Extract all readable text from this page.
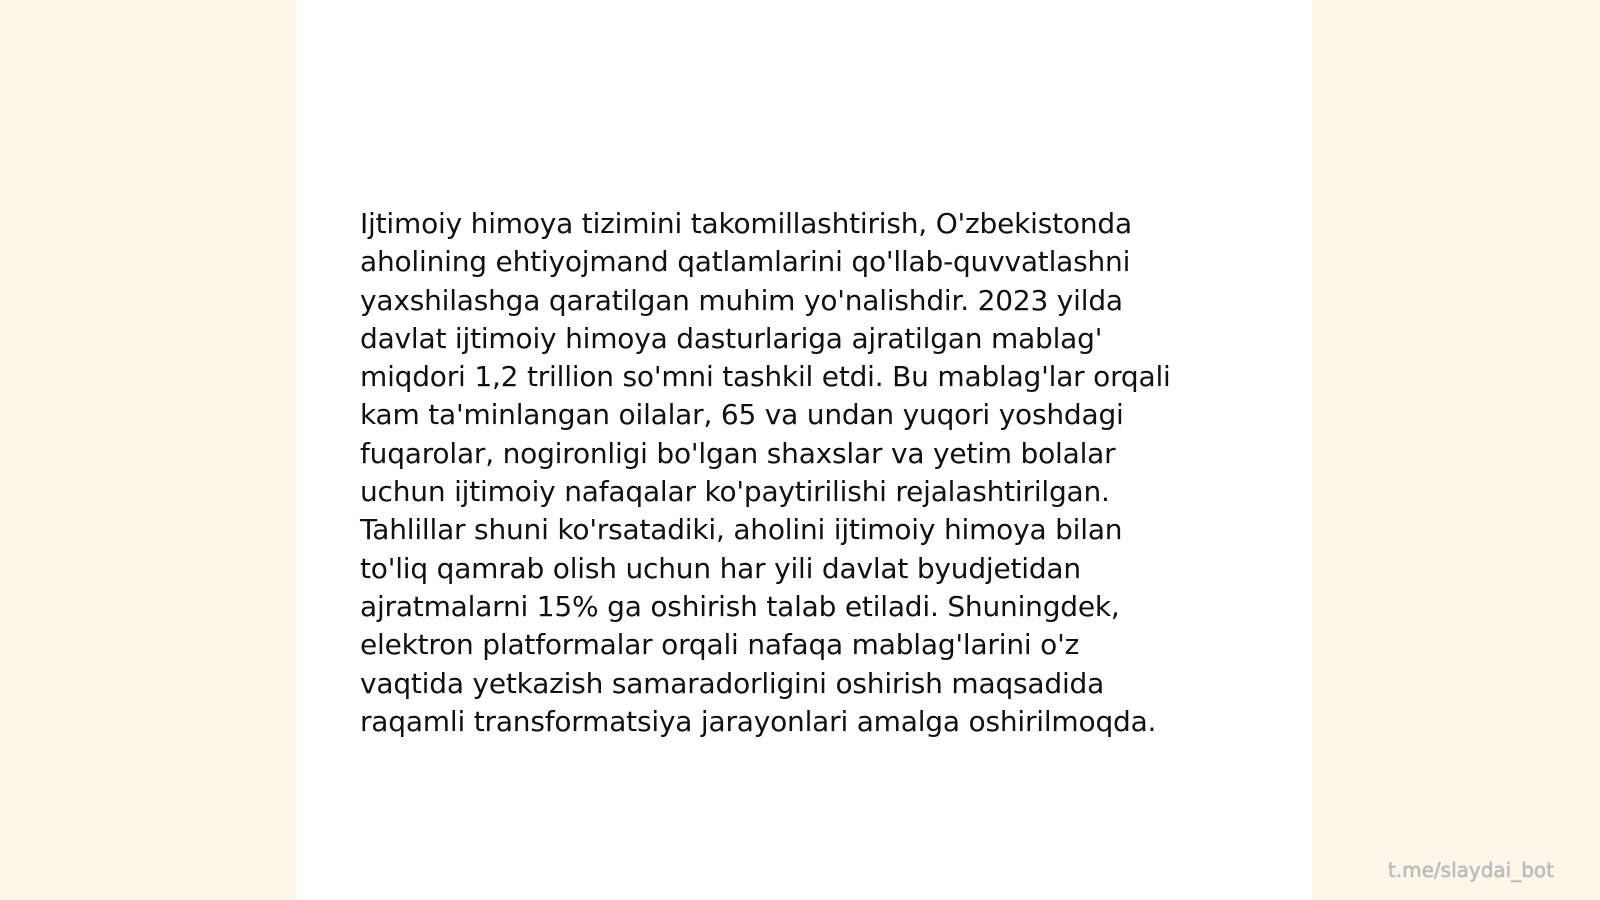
Ijtimoiy himoya tizimini takomillashtirish, O'zbekistonda
aholining ehtiyojmand qatlamlarini qo'llab-quvvatlashni
yaxshilashga qaratilgan muhim yo'nalishdir. 2023 yilda
davlat ijtimoiy himoya dasturlariga ajratilgan mablag'
miqdori 1,2 trillion so'mni tashkil etdi. Bu mablag'lar orqali
kam ta'minlangan oilalar, 65 va undan yuqori yoshdagi
fuqarolar, nogironligi bo'lgan shaxslar va yetim bolalar
uchun ijtimoiy nafaqalar ko'paytirilishi rejalashtirilgan.
Tahlillar shuni ko'rsatadiki, aholini ijtimoiy himoya bilan
to'liq qamrab olish uchun har yili davlat byudjetidan
ajratmalarni 15% ga oshirish talab etiladi. Shuningdek,
elektron platformalar orqali nafaqa mablag'larini o'z
vaqtida yetkazish samaradorligini oshirish maqsadida
raqamli transformatsiya jarayonlari amalga oshirilmoqda.

t.me/slaydai_bot
